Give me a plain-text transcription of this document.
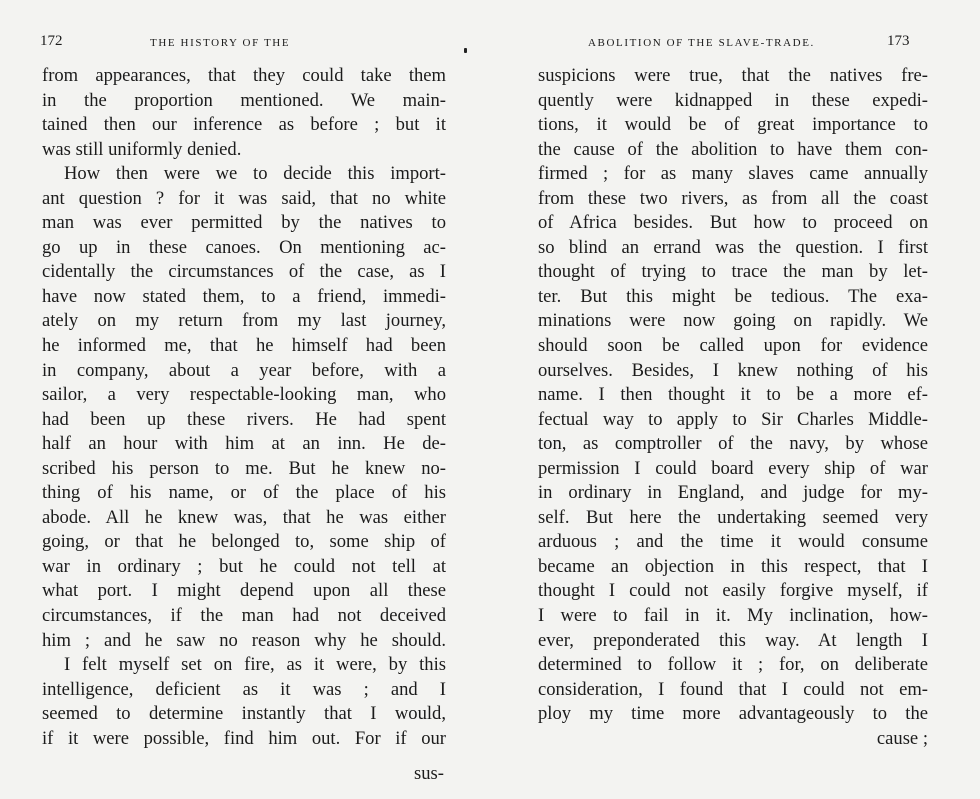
172	THE HISTORY OF THE
from appearances, that they could take them
in the proportion mentioned. We main-
tained then our inference as before ; but it
was still uniformly denied.
How then were we to decide this import-
ant question ? for it was said, that no white
man was ever permitted by the natives to
go up in these canoes. On mentioning ac-
cidentally the circumstances of the case, as I
have now stated them, to a friend, immedi-
ately on my return from my last journey,
he informed me, that he himself had been
in company, about a year before, with a
sailor, a very respectable-looking man, who
had been up these rivers. He had spent
half an hour with him at an inn. He de-
scribed his person to me. But he knew no-
thing of his name, or of the place of his
abode. All he knew was, that he was either
going, or that he belonged to, some ship of
war in ordinary ; but he could not tell at
what port. I might depend upon all these
circumstances, if the man had not deceived
him ; and he saw no reason why he should.
I felt myself set on fire, as it were, by this
intelligence, deficient as it was ; and I
seemed to determine instantly that I would,
if it were possible, find him out. For if our
sus-
ABOLITION OF THE SLAVE-TRADE.	173
suspicions were true, that the natives fre-
quently were kidnapped in these expedi-
tions, it would be of great importance to
the cause of the abolition to have them con-
firmed ; for as many slaves came annually
from these two rivers, as from all the coast
of Africa besides. But how to proceed on
so blind an errand was the question. I first
thought of trying to trace the man by let-
ter. But this might be tedious. The exa-
minations were now going on rapidly. We
should soon be called upon for evidence
ourselves. Besides, I knew nothing of his
name. I then thought it to be a more ef-
fectual way to apply to Sir Charles Middle-
ton, as comptroller of the navy, by whose
permission I could board every ship of war
in ordinary in England, and judge for my-
self. But here the undertaking seemed very
arduous ; and the time it would consume
became an objection in this respect, that I
thought I could not easily forgive myself, if
I were to fail in it. My inclination, how-
ever, preponderated this way. At length I
determined to follow it ; for, on deliberate
consideration, I found that I could not em-
ploy my time more advantageously to the
cause ;
